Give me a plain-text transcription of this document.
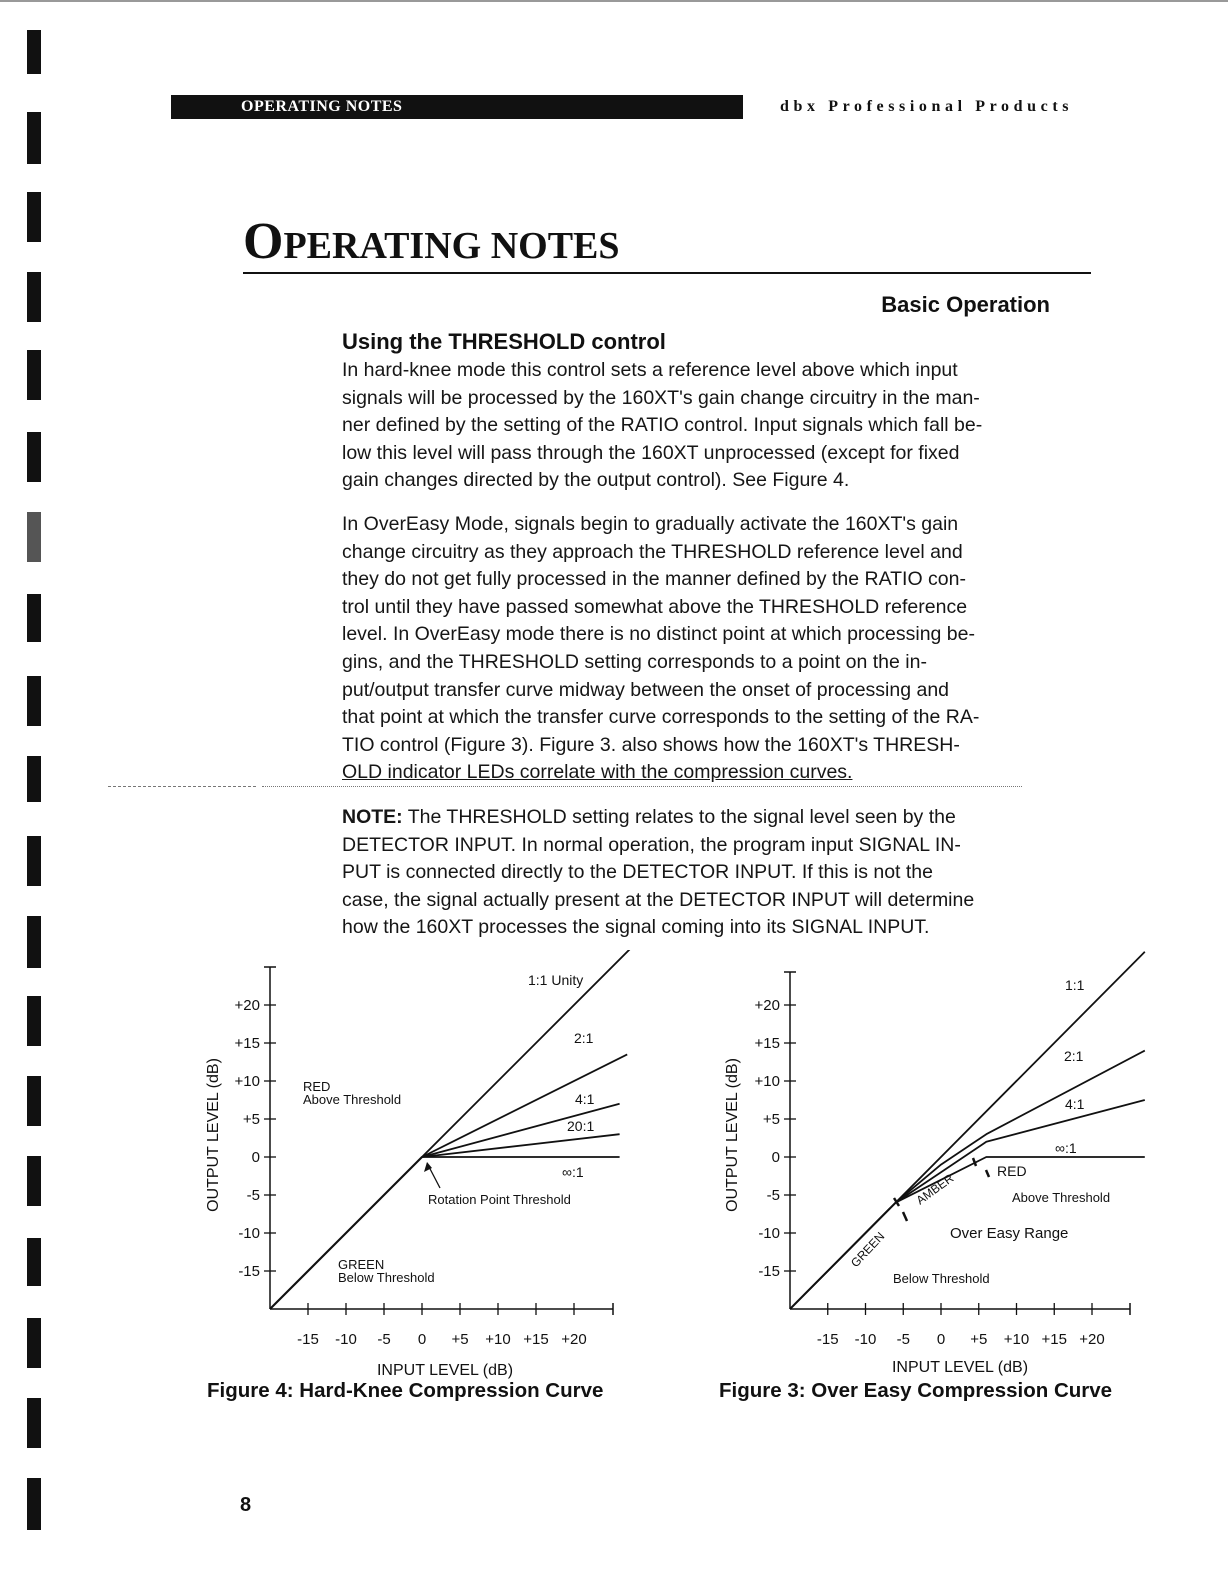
OPERATING NOTES	dbx Professional Products
OPERATING NOTES
Basic Operation
Using the THRESHOLD control
In hard-knee mode this control sets a reference level above which input
signals will be processed by the 160XT's gain change circuitry in the man-
ner defined by the setting of the RATIO control. Input signals which fall be-
low this level will pass through the 160XT unprocessed (except for fixed
gain changes directed by the output control). See Figure 4.
In OverEasy Mode, signals begin to gradually activate the 160XT's gain
change circuitry as they approach the THRESHOLD reference level and
they do not get fully processed in the manner defined by the RATIO con-
trol until they have passed somewhat above the THRESHOLD reference
level. In OverEasy mode there is no distinct point at which processing be-
gins, and the THRESHOLD setting corresponds to a point on the in-
put/output transfer curve midway between the onset of processing and
that point at which the transfer curve corresponds to the setting of the RA-
TIO control (Figure 3). Figure 3. also shows how the 160XT's THRESH-
OLD indicator LEDs correlate with the compression curves.
NOTE: The THRESHOLD setting relates to the signal level seen by the
DETECTOR INPUT. In normal operation, the program input SIGNAL IN-
PUT is connected directly to the DETECTOR INPUT. If this is not the
case, the signal actually present at the DETECTOR INPUT will determine
how the 160XT processes the signal coming into its SIGNAL INPUT.
+20
+15
+10
+5
0
-5
-10
-15
-15 -10 -5 0 +5 +10 +15 +20
1:1 Unity
2:1
4:1
20:1
∞:1
RED
Above Threshold
GREEN
Below Threshold
Rotation Point Threshold
OUTPUT LEVEL (dB)
INPUT LEVEL (dB)
+20
+15
+10
+5
0
-5
-10
-15
-15 -10 -5 0 +5 +10 +15 +20
1:1
2:1
4:1
∞:1
RED
AMBER
GREEN
Above Threshold
Over Easy Range
Below Threshold
OUTPUT LEVEL (dB)
INPUT LEVEL (dB)
Figure 4: Hard-Knee Compression Curve	Figure 3: Over Easy Compression Curve
8
